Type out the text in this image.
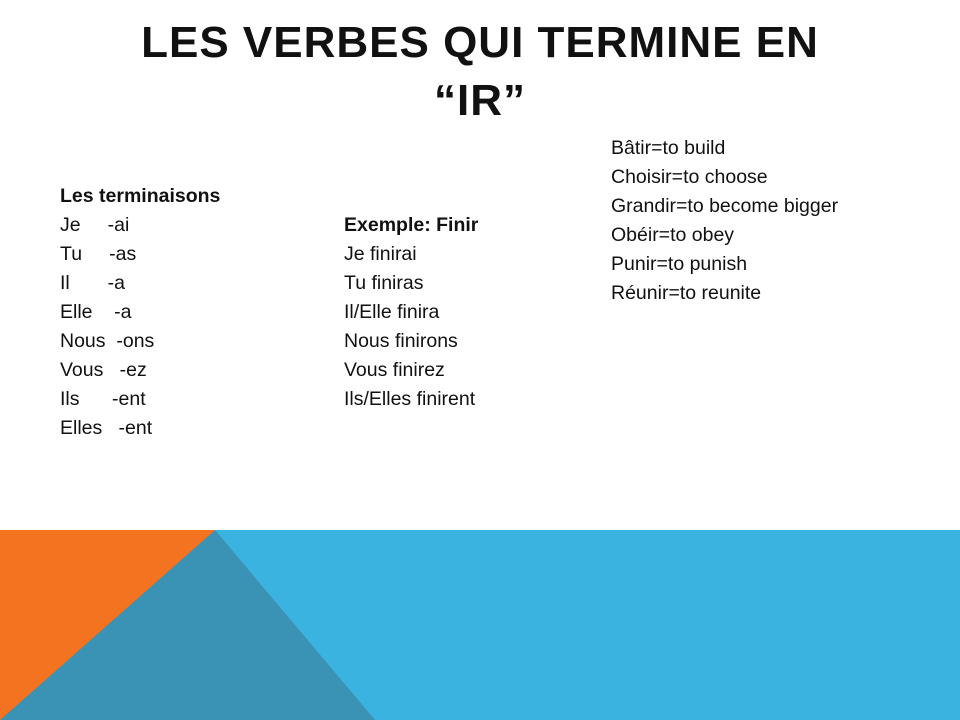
LES VERBES QUI TERMINE EN
“IR”
Les terminaisons
Je     -ai
Tu     -as
Il       -a
Elle    -a
Nous  -ons
Vous   -ez
Ils      -ent
Elles   -ent
Exemple: Finir
Je finirai
Tu finiras
Il/Elle finira
Nous finirons
Vous finirez
Ils/Elles finirent
Bâtir=to build
Choisir=to choose
Grandir=to become bigger
Obéir=to obey
Punir=to punish
Réunir=to reunite
